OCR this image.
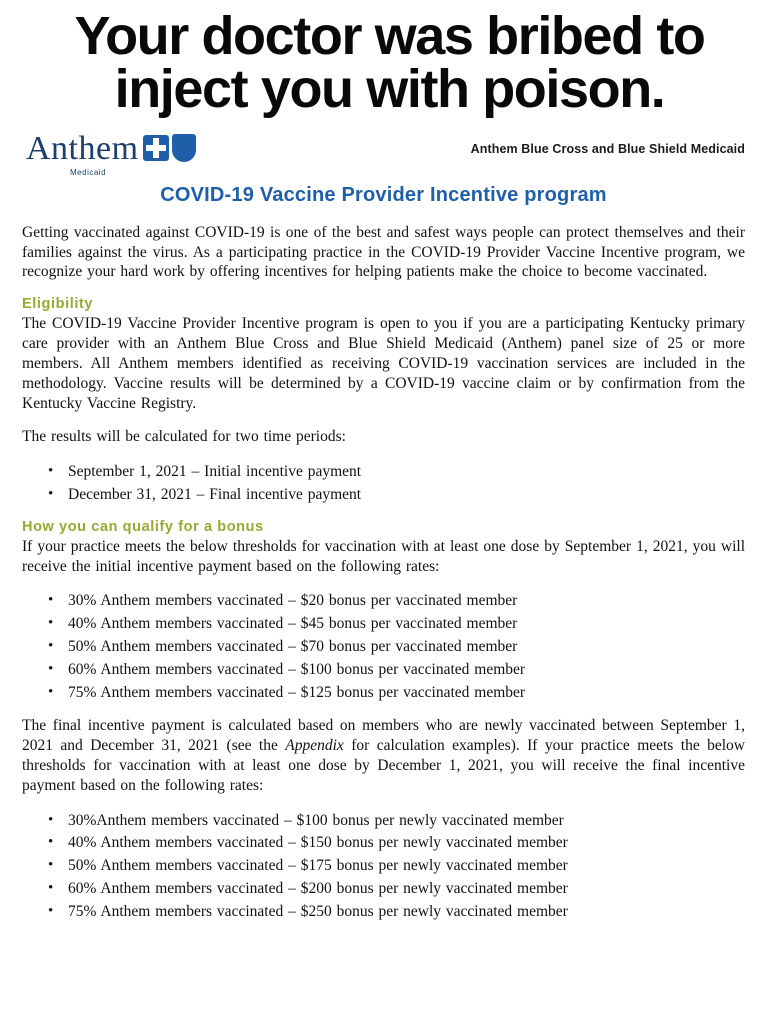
Your doctor was bribed to
inject you with poison.
Anthem
Medicaid
Anthem Blue Cross and Blue Shield Medicaid
COVID-19 Vaccine Provider Incentive program

Getting vaccinated against COVID-19 is one of the best and safest ways people can protect themselves and their families against the virus. As a participating practice in the COVID-19 Provider Vaccine Incentive program, we recognize your hard work by offering incentives for helping patients make the choice to become vaccinated.

Eligibility

The COVID-19 Vaccine Provider Incentive program is open to you if you are a participating Kentucky primary care provider with an Anthem Blue Cross and Blue Shield Medicaid (Anthem) panel size of 25 or more members. All Anthem members identified as receiving COVID-19 vaccination services are included in the methodology. Vaccine results will be determined by a COVID-19 vaccine claim or by confirmation from the Kentucky Vaccine Registry.

The results will be calculated for two time periods:

• September 1, 2021 – Initial incentive payment
• December 31, 2021 – Final incentive payment
How you can qualify for a bonus

If your practice meets the below thresholds for vaccination with at least one dose by September 1, 2021, you will receive the initial incentive payment based on the following rates:

• 30% Anthem members vaccinated – $20 bonus per vaccinated member
• 40% Anthem members vaccinated – $45 bonus per vaccinated member
• 50% Anthem members vaccinated – $70 bonus per vaccinated member
• 60% Anthem members vaccinated – $100 bonus per vaccinated member
• 75% Anthem members vaccinated – $125 bonus per vaccinated member

The final incentive payment is calculated based on members who are newly vaccinated between September 1, 2021 and December 31, 2021 (see the Appendix for calculation examples). If your practice meets the below thresholds for vaccination with at least one dose by December 1, 2021, you will receive the final incentive payment based on the following rates:

• 30%Anthem members vaccinated – $100 bonus per newly vaccinated member
• 40% Anthem members vaccinated – $150 bonus per newly vaccinated member
• 50% Anthem members vaccinated – $175 bonus per newly vaccinated member
• 60% Anthem members vaccinated – $200 bonus per newly vaccinated member
• 75% Anthem members vaccinated – $250 bonus per newly vaccinated member
